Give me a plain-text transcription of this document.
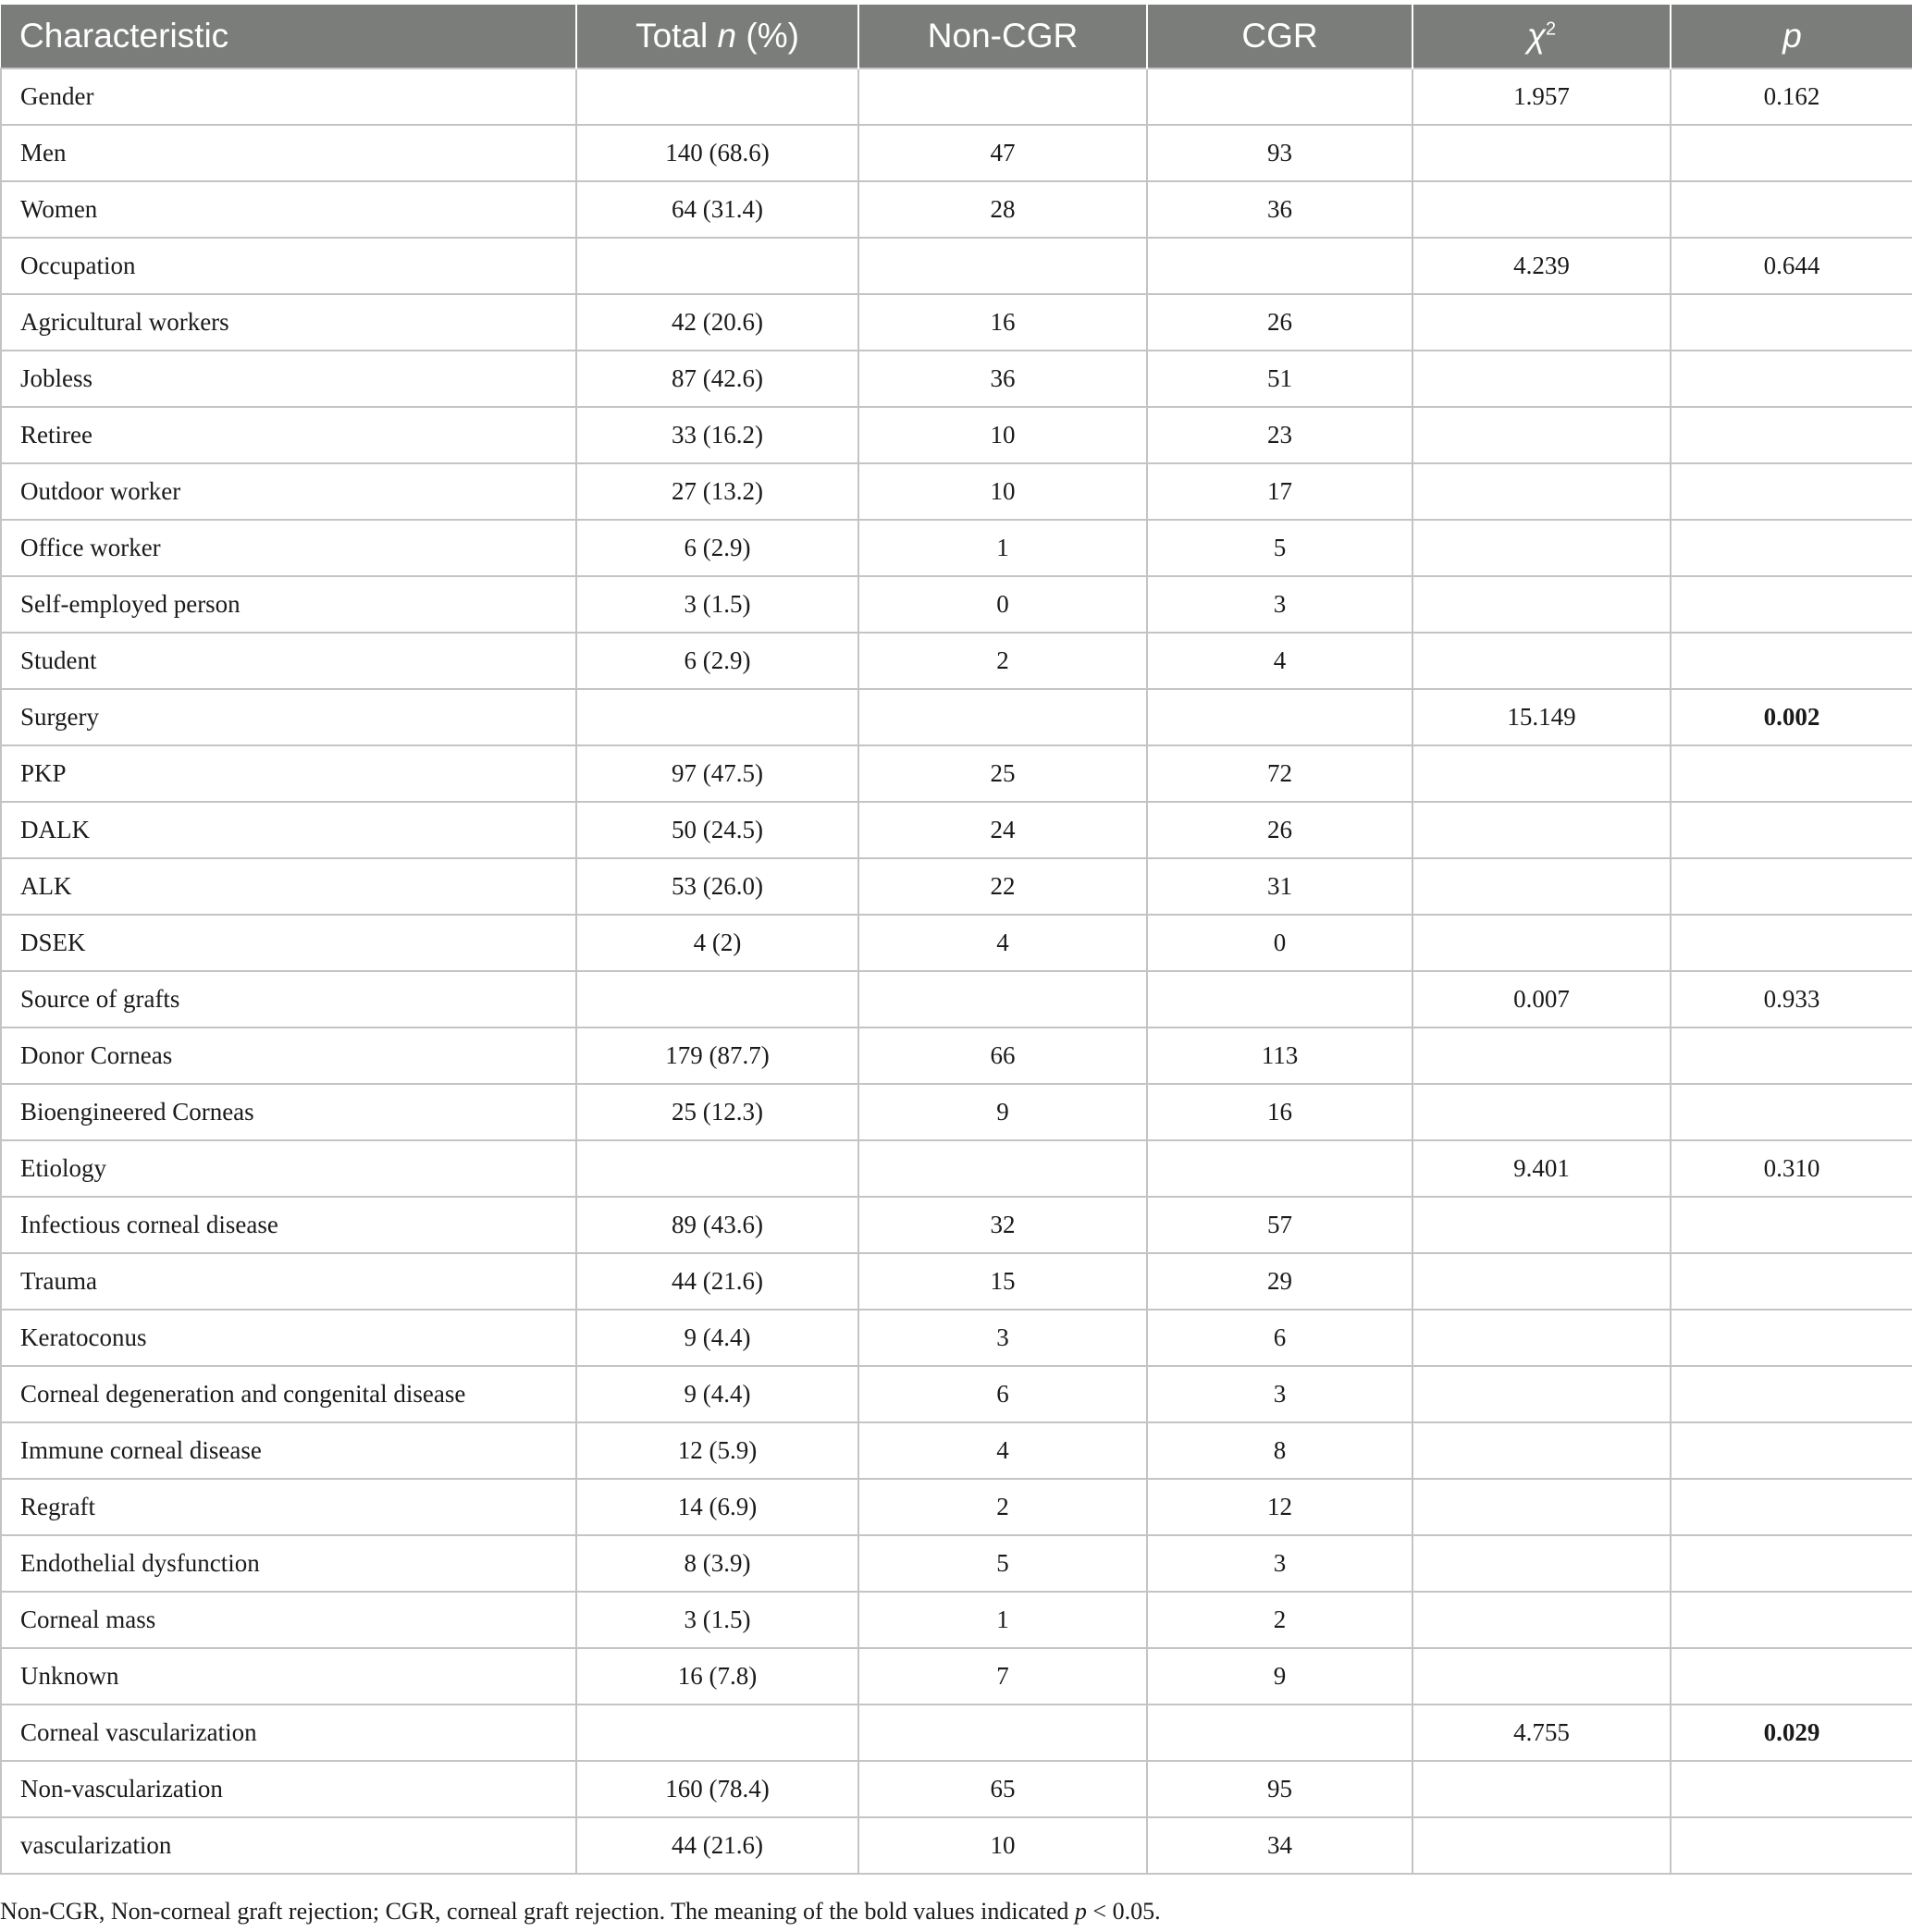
Characteristic	Total n (%)	Non-CGR	CGR	$\chi^2$	p
Gender				1.957	0.162
Men	140 (68.6)	47	93		
Women	64 (31.4)	28	36		
Occupation				4.239	0.644
Agricultural workers	42 (20.6)	16	26		
Jobless	87 (42.6)	36	51		
Retiree	33 (16.2)	10	23		
Outdoor worker	27 (13.2)	10	17		
Office worker	6 (2.9)	1	5		
Self-employed person	3 (1.5)	0	3		
Student	6 (2.9)	2	4		
Surgery				15.149	0.002
PKP	97 (47.5)	25	72		
DALK	50 (24.5)	24	26		
ALK	53 (26.0)	22	31		
DSEK	4 (2)	4	0		
Source of grafts				0.007	0.933
Donor Corneas	179 (87.7)	66	113		
Bioengineered Corneas	25 (12.3)	9	16		
Etiology				9.401	0.310
Infectious corneal disease	89 (43.6)	32	57		
Trauma	44 (21.6)	15	29		
Keratoconus	9 (4.4)	3	6		
Corneal degeneration and congenital disease	9 (4.4)	6	3		
Immune corneal disease	12 (5.9)	4	8		
Regraft	14 (6.9)	2	12		
Endothelial dysfunction	8 (3.9)	5	3		
Corneal mass	3 (1.5)	1	2		
Unknown	16 (7.8)	7	9		
Corneal vascularization				4.755	0.029
Non-vascularization	160 (78.4)	65	95		
vascularization	44 (21.6)	10	34		
Non-CGR, Non-corneal graft rejection; CGR, corneal graft rejection. The meaning of the bold values indicated p < 0.05.
